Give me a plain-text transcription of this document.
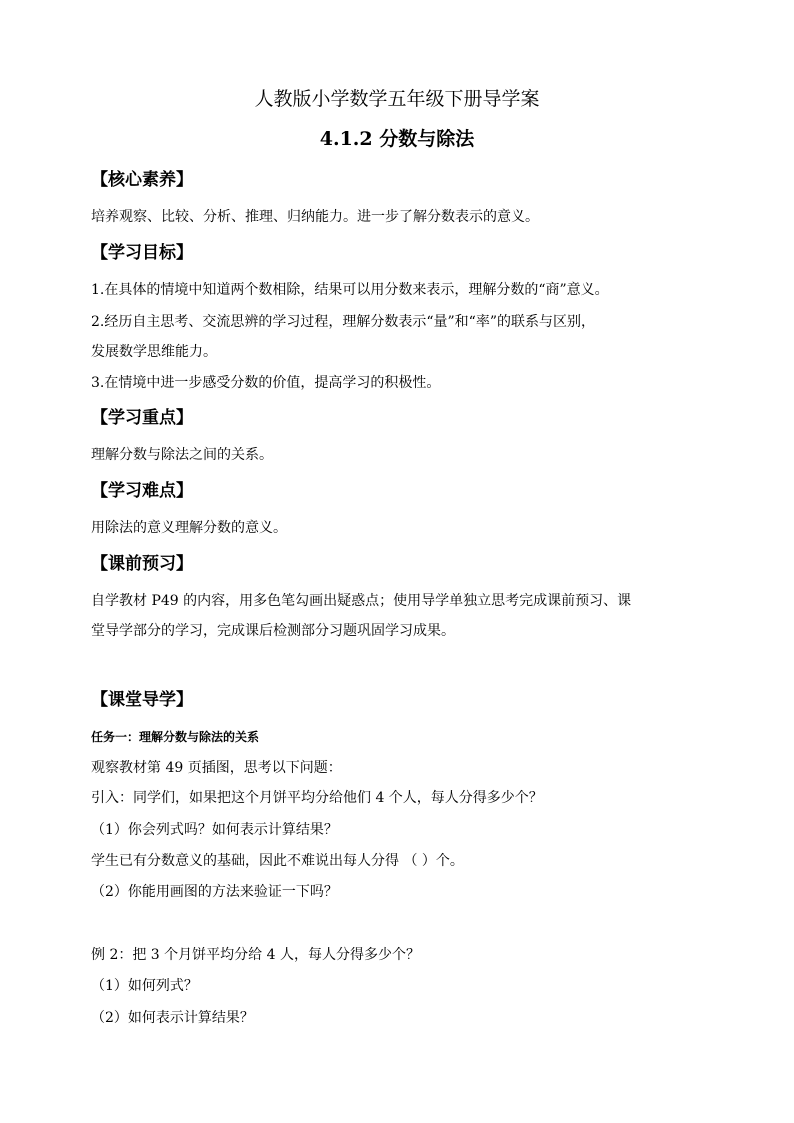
人教版小学数学五年级下册导学案
4.1.2 分数与除法
【核心素养】
培养观察、比较、分析、推理、归纳能力。进一步了解分数表示的意义。
【学习目标】
1.在具体的情境中知道两个数相除，结果可以用分数来表示，理解分数的“商”意义。
2.经历自主思考、交流思辨的学习过程，理解分数表示“量”和“率”的联系与区别，
发展数学思维能力。
3.在情境中进一步感受分数的价值，提高学习的积极性。
【学习重点】
理解分数与除法之间的关系。
【学习难点】
用除法的意义理解分数的意义。
【课前预习】
自学教材 P49 的内容，用多色笔勾画出疑惑点；使用导学单独立思考完成课前预习、课
堂导学部分的学习，完成课后检测部分习题巩固学习成果。
【课堂导学】
任务一：理解分数与除法的关系
观察教材第 49 页插图，思考以下问题：
引入：同学们，如果把这个月饼平均分给他们 4 个人，每人分得多少个？
（1）你会列式吗？如何表示计算结果？
学生已有分数意义的基础，因此不难说出每人分得 （ ）个。
（2）你能用画图的方法来验证一下吗？
例 2：把 3 个月饼平均分给 4 人，每人分得多少个？
（1）如何列式？
（2）如何表示计算结果？
